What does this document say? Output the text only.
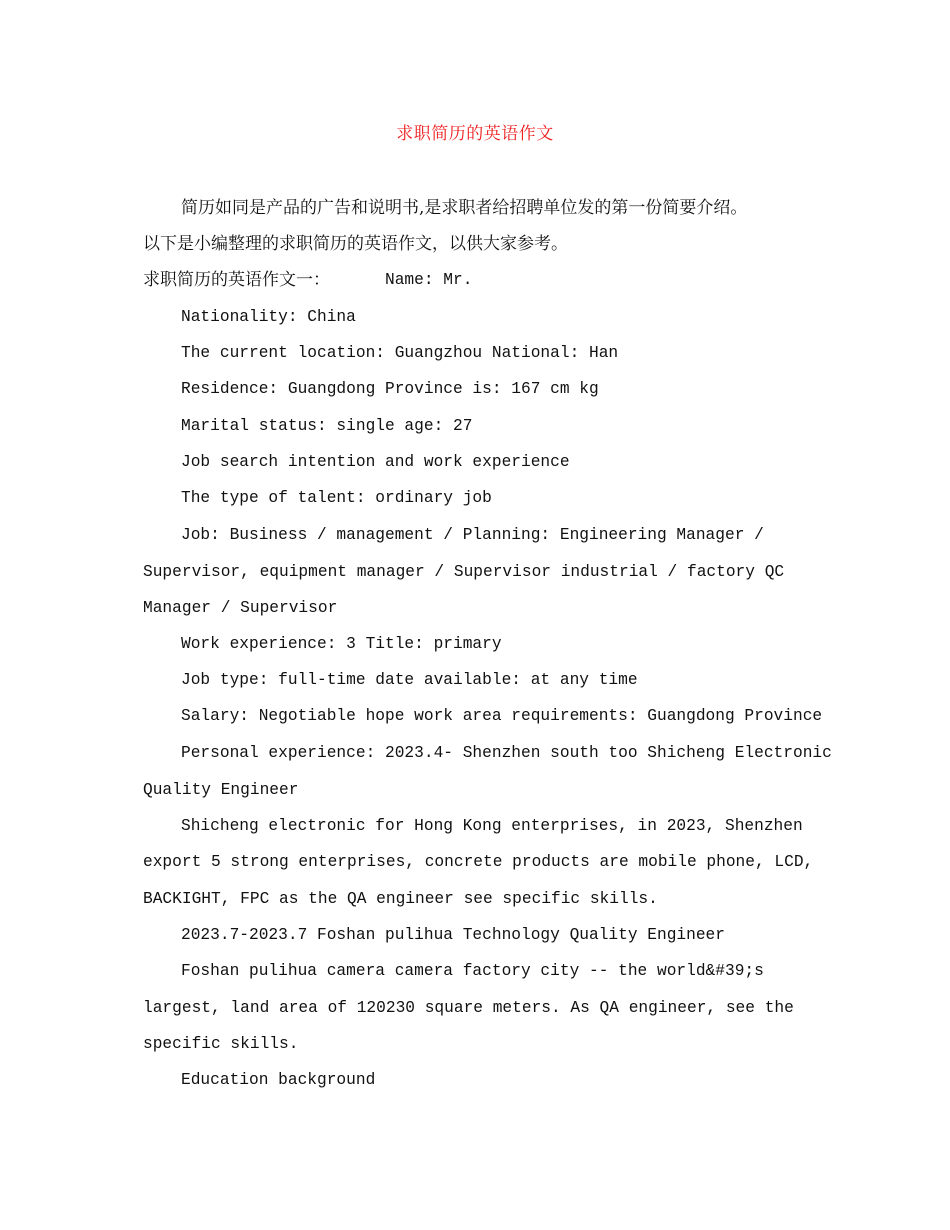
求职简历的英语作文
简历如同是产品的广告和说明书,是求职者给招聘单位发的第一份简要介绍。
以下是小编整理的求职简历的英语作文，以供大家参考。
求职简历的英语作文一：	Name: Mr.
Nationality: China
The current location: Guangzhou National: Han
Residence: Guangdong Province is: 167 cm kg
Marital status: single age: 27
Job search intention and work experience
The type of talent: ordinary job
Job: Business / management / Planning: Engineering Manager /
Supervisor, equipment manager / Supervisor industrial / factory QC
Manager / Supervisor
Work experience: 3 Title: primary
Job type: full-time date available: at any time
Salary: Negotiable hope work area requirements: Guangdong Province
Personal experience: 2023.4- Shenzhen south too Shicheng Electronic
Quality Engineer
Shicheng electronic for Hong Kong enterprises, in 2023, Shenzhen
export 5 strong enterprises, concrete products are mobile phone, LCD,
BACKIGHT, FPC as the QA engineer see specific skills.
2023.7-2023.7 Foshan pulihua Technology Quality Engineer
Foshan pulihua camera camera factory city -- the world&#39;s
largest, land area of 120230 square meters. As QA engineer, see the
specific skills.
Education background
